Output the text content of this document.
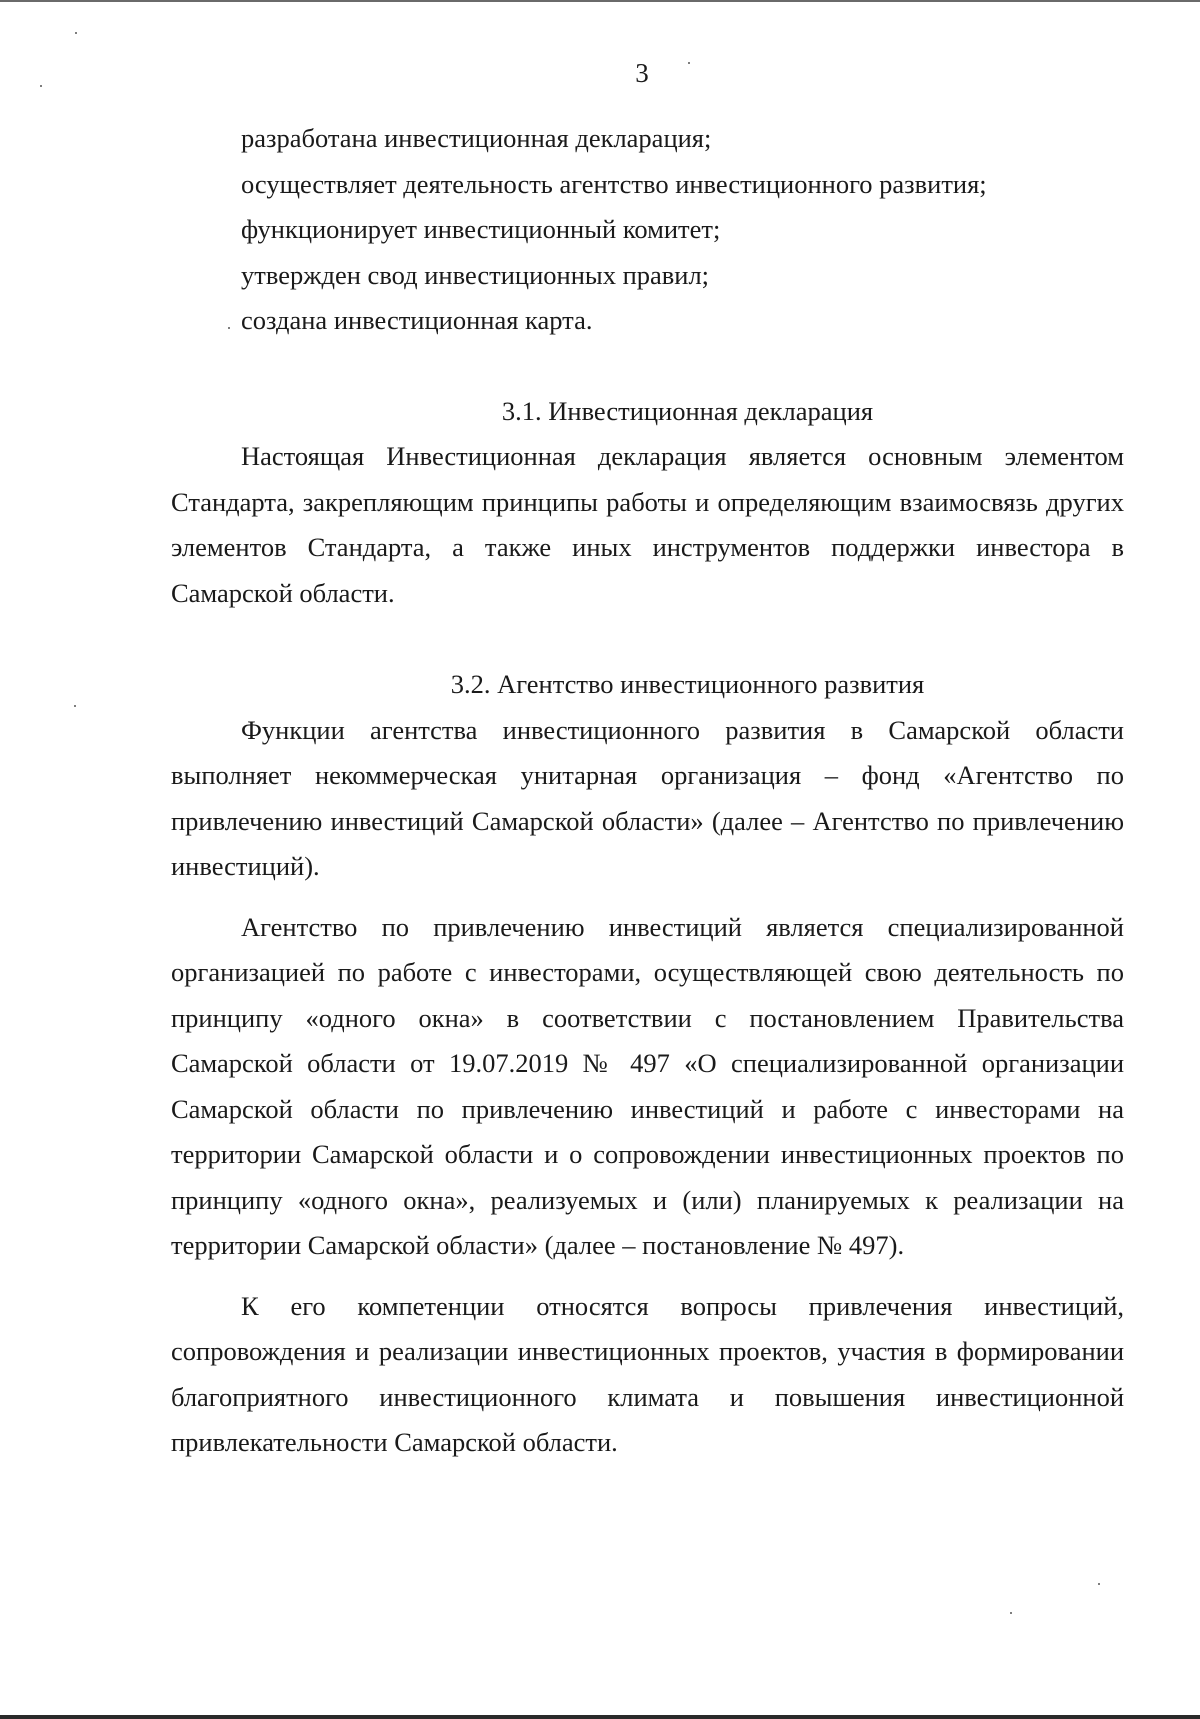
3

разработана инвестиционная декларация;

осуществляет деятельность агентство инвестиционного развития;

функционирует инвестиционный комитет;

утвержден свод инвестиционных правил;

создана инвестиционная карта.

3.1. Инвестиционная декларация

Настоящая Инвестиционная декларация является основным элементом Стандарта, закрепляющим принципы работы и определяющим взаимосвязь других элементов Стандарта, а также иных инструментов поддержки инвестора в Самарской области.

3.2. Агентство инвестиционного развития

Функции агентства инвестиционного развития в Самарской области выполняет некоммерческая унитарная организация – фонд «Агентство по привлечению инвестиций Самарской области» (далее – Агентство по привлечению инвестиций).

Агентство по привлечению инвестиций является специализированной организацией по работе с инвесторами, осуществляющей свою деятельность по принципу «одного окна» в соответствии с постановлением Правительства Самарской области от 19.07.2019 № 497 «О специализированной организации Самарской области по привлечению инвестиций и работе с инвесторами на территории Самарской области и о сопровождении инвестиционных проектов по принципу «одного окна», реализуемых и (или) планируемых к реализации на территории Самарской области» (далее – постановление № 497).

К его компетенции относятся вопросы привлечения инвестиций, сопровождения и реализации инвестиционных проектов, участия в формировании благоприятного инвестиционного климата и повышения инвестиционной привлекательности Самарской области.
